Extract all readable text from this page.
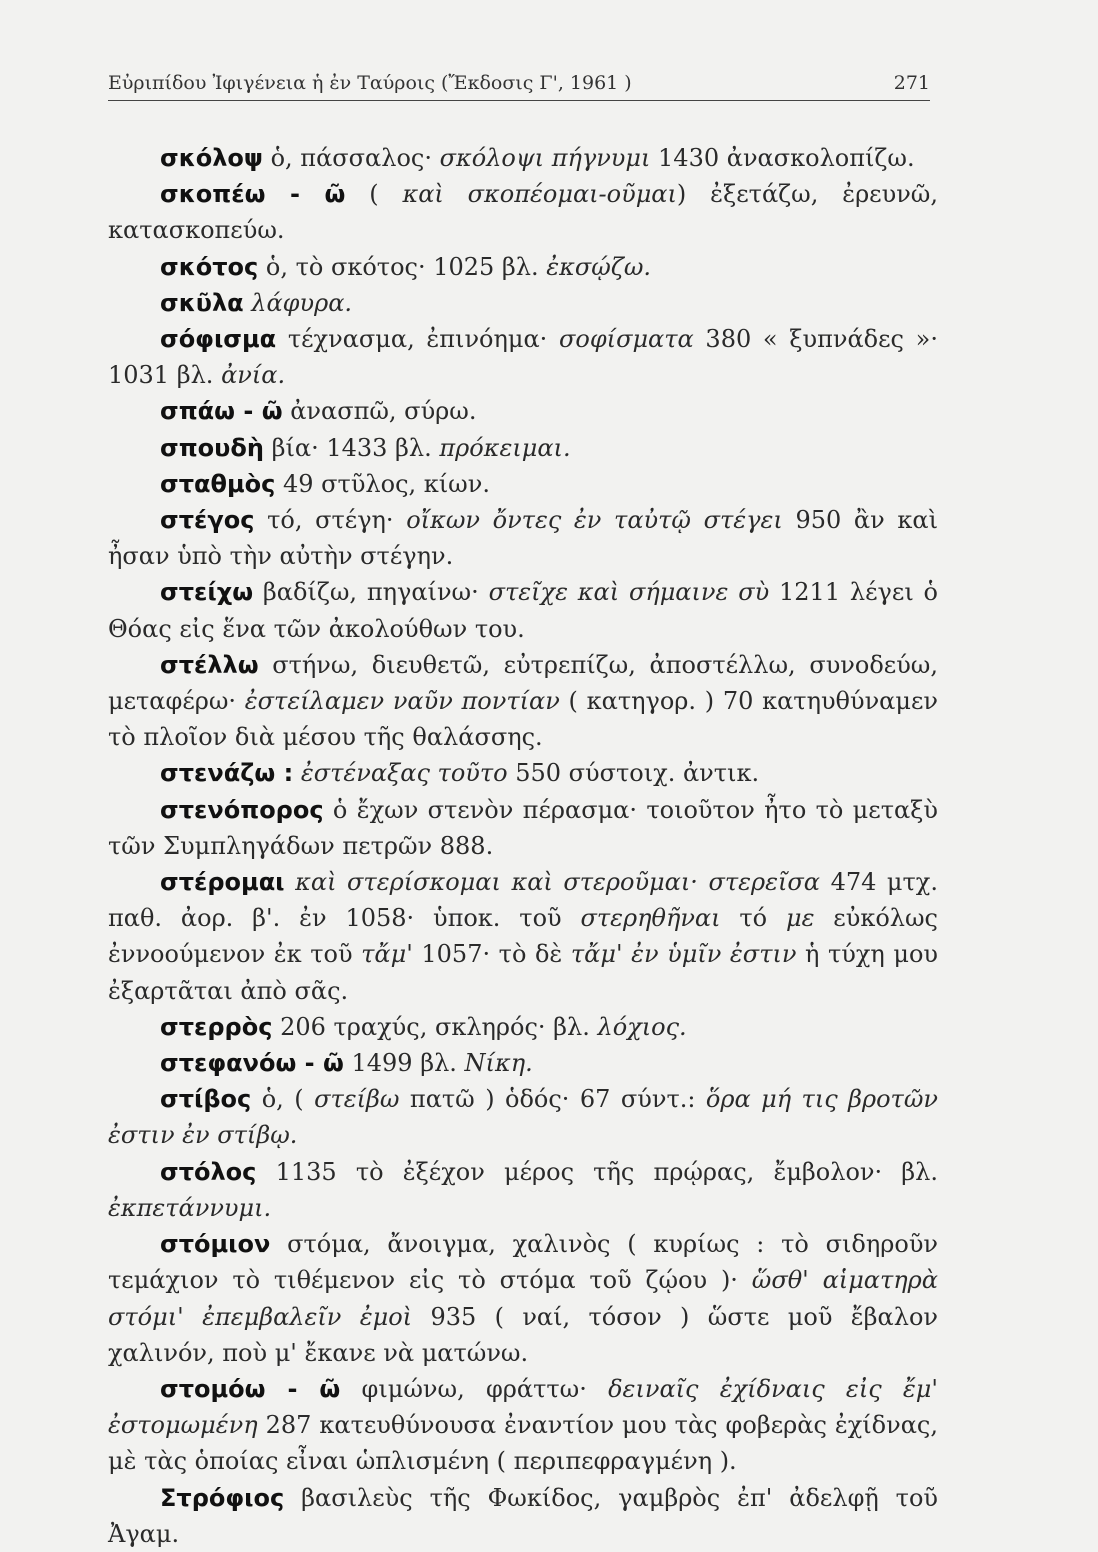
Εὐριπίδου Ἰφιγένεια ἡ ἐν Ταύροις (Ἔκδοσις Γ', 1961 )	271

σκόλοψ ὁ, πάσσαλος· σκόλοψι πήγνυμι 1430 ἀνασκολοπίζω.

σκοπέω - ῶ ( καὶ σκοπέομαι-οῦμαι) ἐξετάζω, ἐρευνῶ, κατασκοπεύω.

σκότος ὁ, τὸ σκότος· 1025 βλ. ἐκσῴζω.

σκῦλα λάφυρα.

σόφισμα τέχνασμα, ἐπινόημα· σοφίσματα 380 « ξυπνάδες »· 1031 βλ. ἀνία.

σπάω - ῶ ἀνασπῶ, σύρω.

σπουδὴ βία· 1433 βλ. πρόκειμαι.

σταθμὸς 49 στῦλος, κίων.

στέγος τό, στέγη· οἴκων ὄντες ἐν ταὐτῷ στέγει 950 ἂν καὶ ἦσαν ὑπὸ τὴν αὐτὴν στέγην.

στείχω βαδίζω, πηγαίνω· στεῖχε καὶ σήμαινε σὺ 1211 λέγει ὁ Θόας εἰς ἕνα τῶν ἀκολούθων του.

στέλλω στήνω, διευθετῶ, εὐτρεπίζω, ἀποστέλλω, συνοδεύω, μεταφέρω· ἐστείλαμεν ναῦν πoντίαν ( κατηγορ. ) 70 κατηυθύναμεν τὸ πλοῖον διὰ μέσου τῆς θαλάσσης.

στενάζω : ἐστέναξας τοῦτο 550 σύστοιχ. ἀντικ.

στενόπορος ὁ ἔχων στενὸν πέρασμα· τοιοῦτον ἦτο τὸ μεταξὺ τῶν Συμπληγάδων πετρῶν 888.

στέρομαι καὶ στερίσκομαι καὶ στεροῦμαι· στερεῖσα 474 μτχ. παθ. ἀορ. β'. ἐν 1058· ὑποκ. τοῦ στερηθῆναι τό με εὐκόλως ἐννοούμενον ἐκ τοῦ τἄμ' 1057· τὸ δὲ τἄμ' ἐν ὑμῖν ἐστιν ἡ τύχη μου ἐξαρτᾶται ἀπὸ σᾶς.

στερρὸς 206 τραχύς, σκληρός· βλ. λόχιος.

στεφανόω - ῶ 1499 βλ. Νίκη.

στίβος ὁ, ( στείβω πατῶ ) ὁδός· 67 σύντ.: ὅρα μή τις βροτῶν ἐστιν ἐν στίβῳ.

στόλος 1135 τὸ ἐξέχον μέρος τῆς πρῴρας, ἔμβολον· βλ. ἐκπετάννυμι.

στόμιον στόμα, ἄνοιγμα, χαλινὸς ( κυρίως : τὸ σιδηροῦν τεμάχιον τὸ τιθέμενον εἰς τὸ στόμα τοῦ ζῴου )· ὥσθ' αἱματηρὰ στόμι' ἐπεμβαλεῖν ἐμοὶ 935 ( ναί, τόσον ) ὥστε μοῦ ἔβαλον χαλινόν, ποὺ μ' ἔκανε νὰ ματώνω.

στομόω - ῶ φιμώνω, φράττω· δειναῖς ἐχίδναις εἰς ἔμ' ἐστομωμένη 287 κατευθύνουσα ἐναντίον μου τὰς φοβερὰς ἐχίδνας, μὲ τὰς ὁποίας εἶναι ὡπλισμένη ( περιπεφραγμένη ).

Στρόφιος βασιλεὺς τῆς Φωκίδος, γαμβρὸς ἐπ' ἀδελφῇ τοῦ Ἀγαμ.
